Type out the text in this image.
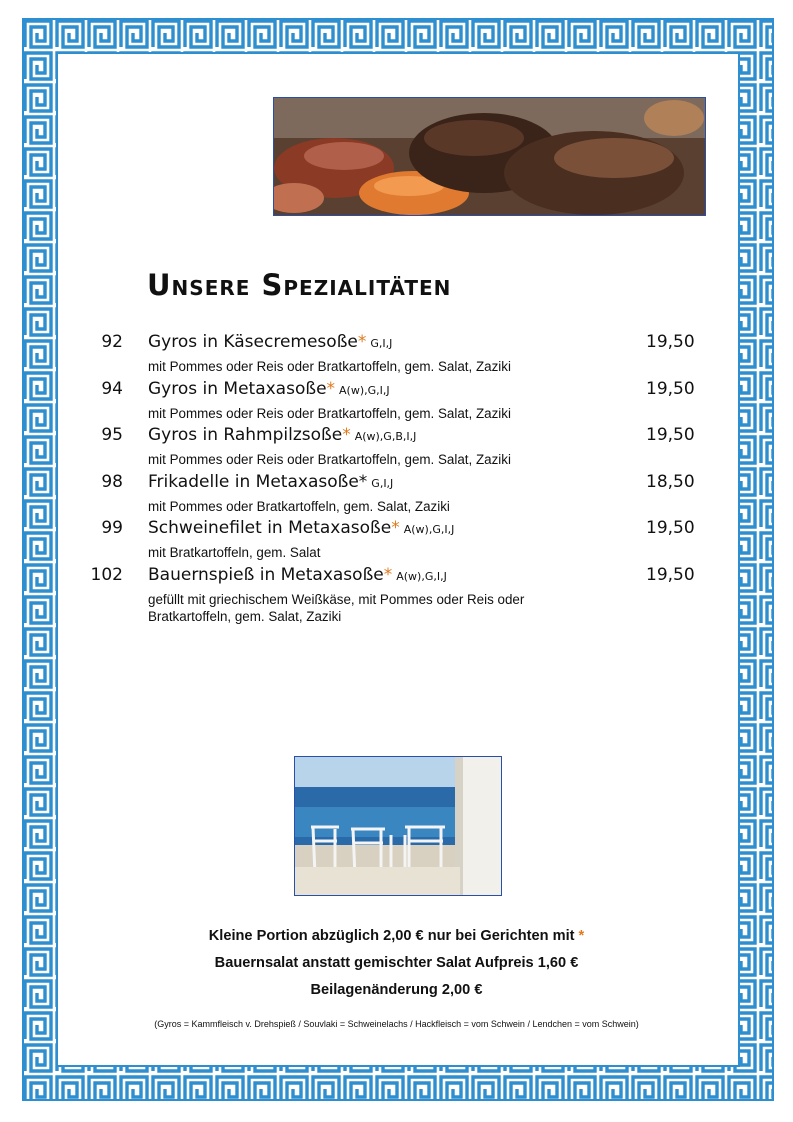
Unsere Spezialitäten
92 Gyros in Käsecremesoße* G,I,J	19,50
mit Pommes oder Reis oder Bratkartoffeln, gem. Salat, Zaziki
94 Gyros in Metaxasoße* A(w),G,I,J	19,50
mit Pommes oder Reis oder Bratkartoffeln, gem. Salat, Zaziki
95 Gyros in Rahmpilzsoße* A(w),G,B,I,J	19,50
mit Pommes oder Reis oder Bratkartoffeln, gem. Salat, Zaziki
98 Frikadelle in Metaxasoße* G,I,J	18,50
mit Pommes oder Bratkartoffeln, gem. Salat, Zaziki
99 Schweinefilet in Metaxasoße* A(w),G,I,J	19,50
mit Bratkartoffeln, gem. Salat
102 Bauernspieß in Metaxasoße* A(w),G,I,J	19,50
gefüllt mit griechischem Weißkäse, mit Pommes oder Reis oder Bratkartoffeln, gem. Salat, Zaziki
Kleine Portion abzüglich 2,00 € nur bei Gerichten mit *
Bauernsalat anstatt gemischter Salat Aufpreis 1,60 €
Beilagenänderung 2,00 €
(Gyros = Kammfleisch v. Drehspieß / Souvlaki = Schweinelachs / Hackfleisch = vom Schwein / Lendchen = vom Schwein)
